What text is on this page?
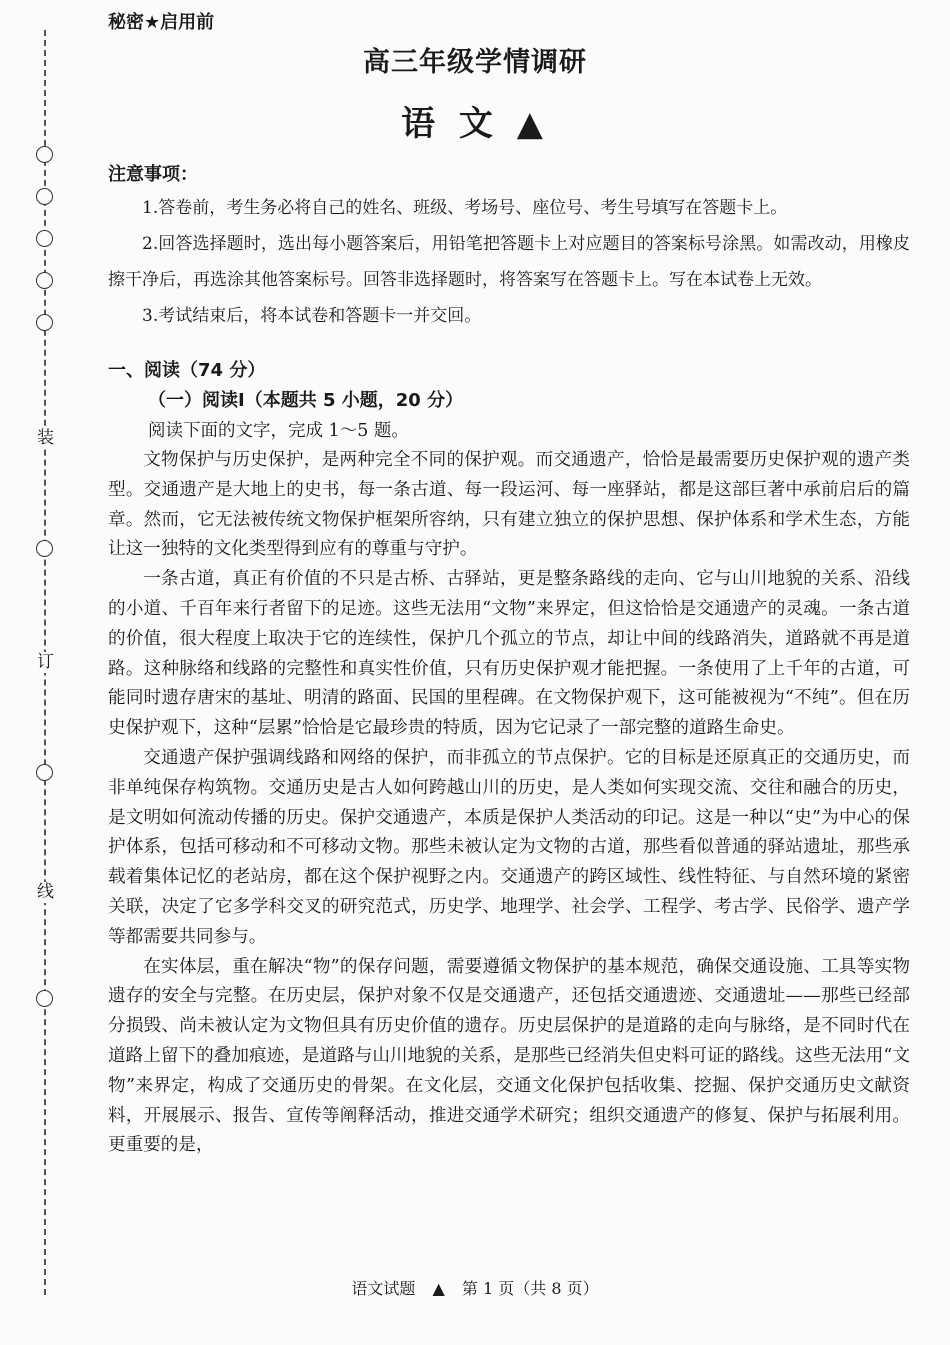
装
订
线
秘密★启用前
高三年级学情调研
语 文 ▲
注意事项：

1.答卷前，考生务必将自己的姓名、班级、考场号、座位号、考生号填写在答题卡上。

2.回答选择题时，选出每小题答案后，用铅笔把答题卡上对应题目的答案标号涂黑。如需改动，用橡皮擦干净后，再选涂其他答案标号。回答非选择题时，将答案写在答题卡上。写在本试卷上无效。

3.考试结束后，将本试卷和答题卡一并交回。

一、阅读（74 分）
（一）阅读Ⅰ（本题共 5 小题，20 分）
阅读下面的文字，完成 1～5 题。

文物保护与历史保护，是两种完全不同的保护观。而交通遗产，恰恰是最需要历史保护观的遗产类型。交通遗产是大地上的史书，每一条古道、每一段运河、每一座驿站，都是这部巨著中承前启后的篇章。然而，它无法被传统文物保护框架所容纳，只有建立独立的保护思想、保护体系和学术生态，方能让这一独特的文化类型得到应有的尊重与守护。

一条古道，真正有价值的不只是古桥、古驿站，更是整条路线的走向、它与山川地貌的关系、沿线的小道、千百年来行者留下的足迹。这些无法用“文物”来界定，但这恰恰是交通遗产的灵魂。一条古道的价值，很大程度上取决于它的连续性，保护几个孤立的节点，却让中间的线路消失，道路就不再是道路。这种脉络和线路的完整性和真实性价值，只有历史保护观才能把握。一条使用了上千年的古道，可能同时遗存唐宋的基址、明清的路面、民国的里程碑。在文物保护观下，这可能被视为“不纯”。但在历史保护观下，这种“层累”恰恰是它最珍贵的特质，因为它记录了一部完整的道路生命史。

交通遗产保护强调线路和网络的保护，而非孤立的节点保护。它的目标是还原真正的交通历史，而非单纯保存构筑物。交通历史是古人如何跨越山川的历史，是人类如何实现交流、交往和融合的历史，是文明如何流动传播的历史。保护交通遗产，本质是保护人类活动的印记。这是一种以“史”为中心的保护体系，包括可移动和不可移动文物。那些未被认定为文物的古道，那些看似普通的驿站遗址，那些承载着集体记忆的老站房，都在这个保护视野之内。交通遗产的跨区域性、线性特征、与自然环境的紧密关联，决定了它多学科交叉的研究范式，历史学、地理学、社会学、工程学、考古学、民俗学、遗产学等都需要共同参与。

在实体层，重在解决“物”的保存问题，需要遵循文物保护的基本规范，确保交通设施、工具等实物遗存的安全与完整。在历史层，保护对象不仅是交通遗产，还包括交通遗迹、交通遗址——那些已经部分损毁、尚未被认定为文物但具有历史价值的遗存。历史层保护的是道路的走向与脉络，是不同时代在道路上留下的叠加痕迹，是道路与山川地貌的关系，是那些已经消失但史料可证的路线。这些无法用“文物”来界定，构成了交通历史的骨架。在文化层，交通文化保护包括收集、挖掘、保护交通历史文献资料，开展展示、报告、宣传等阐释活动，推进交通学术研究；组织交通遗产的修复、保护与拓展利用。更重要的是，

语文试题 ▲ 第 1 页（共 8 页）
